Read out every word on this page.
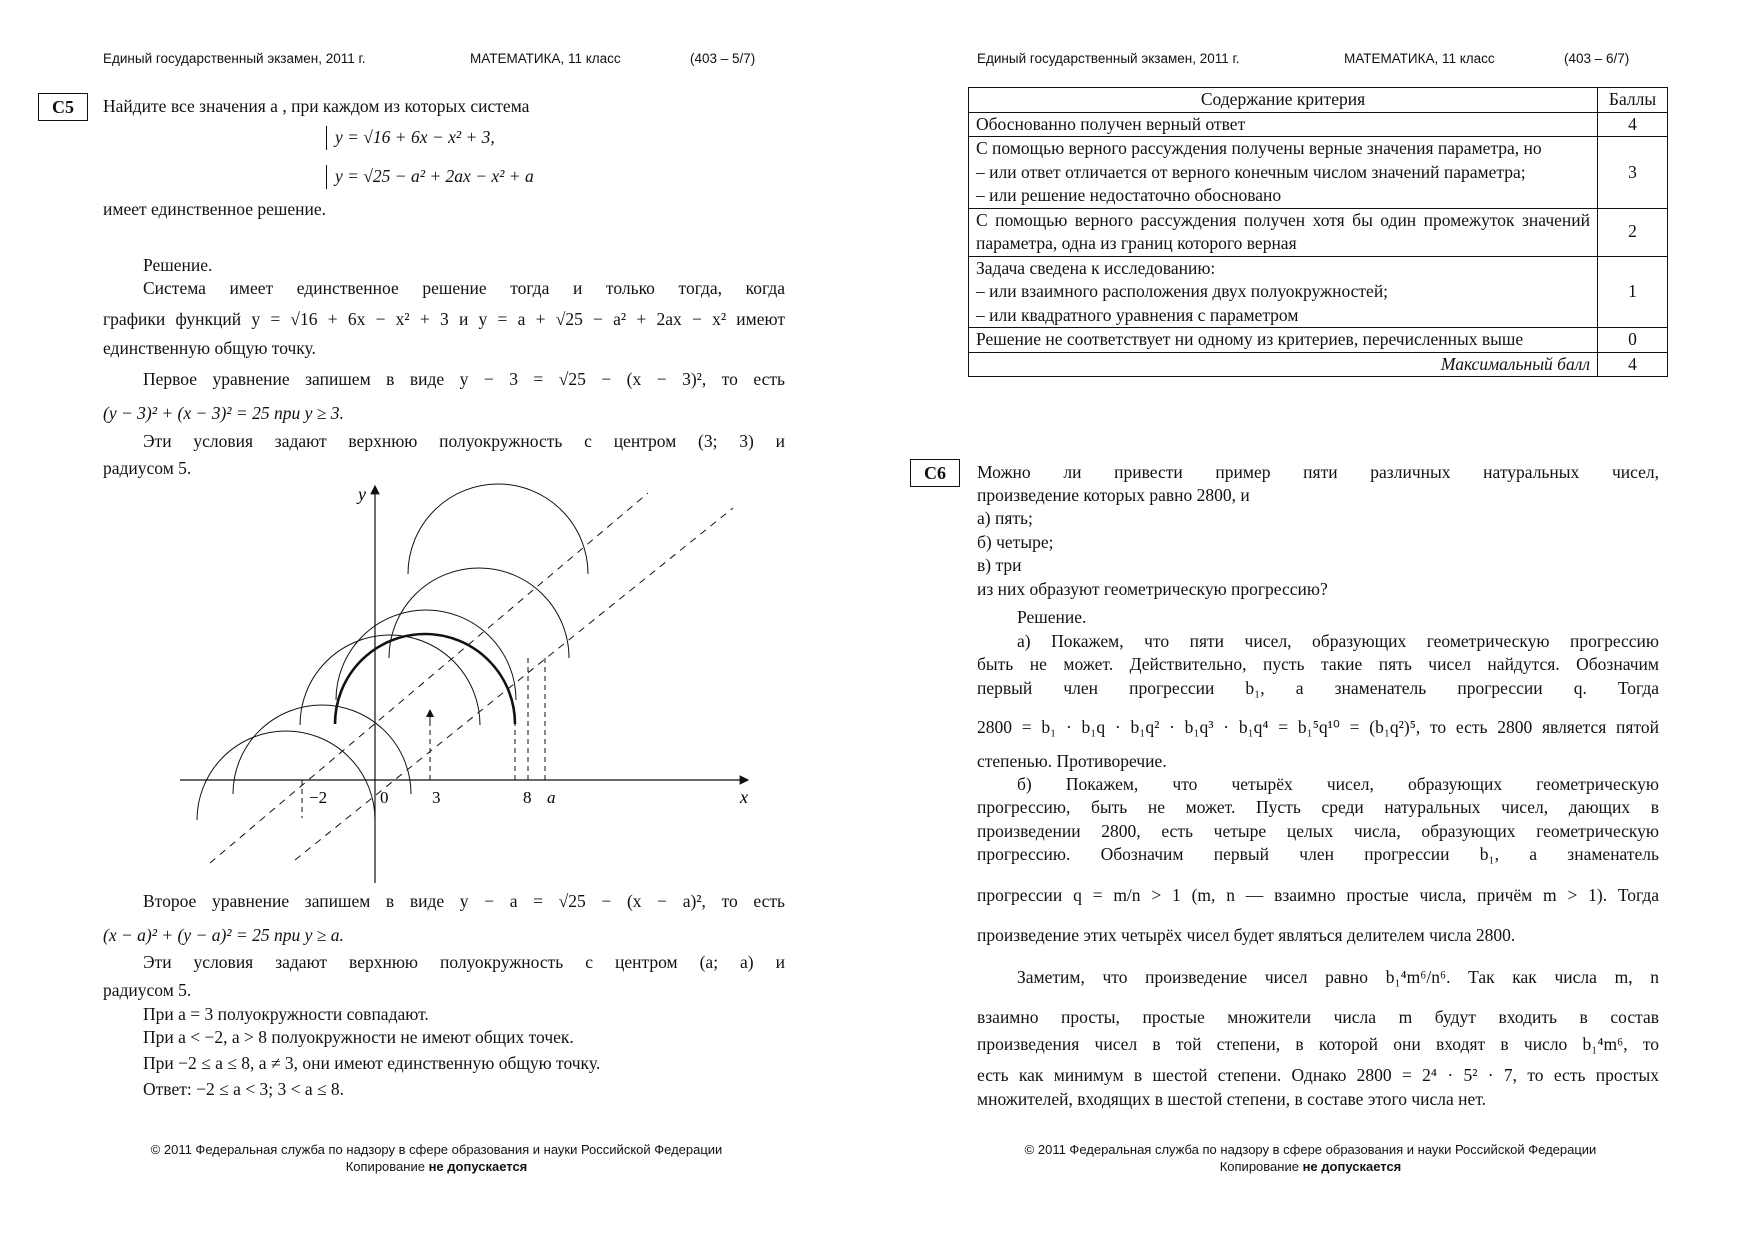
Единый государственный экзамен, 2011 г.	МАТЕМАТИКА, 11 класс	(403 – 5/7)
С5	Найдите все значения a , при каждом из которых система
y = √16 + 6x − x² + 3,
y = √25 − a² + 2ax − x² + a
имеет единственное решение.
Решение.
Система имеет единственное решение тогда и только тогда, когда
графики функций y = √16 + 6x − x² + 3 и y = a + √25 − a² + 2ax − x² имеют
единственную общую точку.
Первое уравнение запишем в виде y − 3 = √25 − (x − 3)², то есть
(y − 3)² + (x − 3)² = 25 при y ≥ 3.
Эти условия задают верхнюю полуокружность с центром (3; 3) и
радиусом 5.
y
x
−2	0	3	8 a
Второе уравнение запишем в виде y − a = √25 − (x − a)², то есть
(x − a)² + (y − a)² = 25 при y ≥ a.
Эти условия задают верхнюю полуокружность с центром (a; a) и
радиусом 5.
При a = 3 полуокружности совпадают.
При a < −2, a > 8 полуокружности не имеют общих точек.
При −2 ≤ a ≤ 8, a ≠ 3, они имеют единственную общую точку.
Ответ: −2 ≤ a < 3; 3 < a ≤ 8.
© 2011 Федеральная служба по надзору в сфере образования и науки Российской Федерации
Копирование не допускается
Единый государственный экзамен, 2011 г.	МАТЕМАТИКА, 11 класс	(403 – 6/7)
Содержание критерия	Баллы
Обоснованно получен верный ответ	4

С помощью верного рассуждения получены верные значения параметра, но
– или ответ отличается от верного конечным числом значений параметра;
– или решение недостаточно обосновано	3
С помощью верного рассуждения получен хотя бы один промежуток значений параметра, одна из границ которого верная	2

Задача сведена к исследованию:
– или взаимного расположения двух полуокружностей;
– или квадратного уравнения с параметром	1
Решение не соответствует ни одному из критериев, перечисленных выше	0
Максимальный балл	4
С6	Можно ли привести пример пяти различных натуральных чисел,
произведение которых равно 2800, и
а) пять;
б) четыре;
в) три
из них образуют геометрическую прогрессию?
Решение.
а) Покажем, что пяти чисел, образующих геометрическую прогрессию
быть не может. Действительно, пусть такие пять чисел найдутся. Обозначим
первый член прогрессии b₁, а знаменатель прогрессии q. Тогда
2800 = b₁ · b₁q · b₁q² · b₁q³ · b₁q⁴ = b₁⁵q¹⁰ = (b₁q²)⁵, то есть 2800 является пятой
степенью. Противоречие.
б) Покажем, что четырёх чисел, образующих геометрическую
прогрессию, быть не может. Пусть среди натуральных чисел, дающих в
произведении 2800, есть четыре целых числа, образующих геометрическую
прогрессию. Обозначим первый член прогрессии b₁, а знаменатель
прогрессии q = m/n > 1 (m, n — взаимно простые числа, причём m > 1). Тогда
произведение этих четырёх чисел будет являться делителем числа 2800.
Заметим, что произведение чисел равно b₁⁴m⁶/n⁶. Так как числа m, n
взаимно просты, простые множители числа m будут входить в состав
произведения чисел в той степени, в которой они входят в число b₁⁴m⁶, то
есть как минимум в шестой степени. Однако 2800 = 2⁴ · 5² · 7, то есть простых
множителей, входящих в шестой степени, в составе этого числа нет.
© 2011 Федеральная служба по надзору в сфере образования и науки Российской Федерации
Копирование не допускается
